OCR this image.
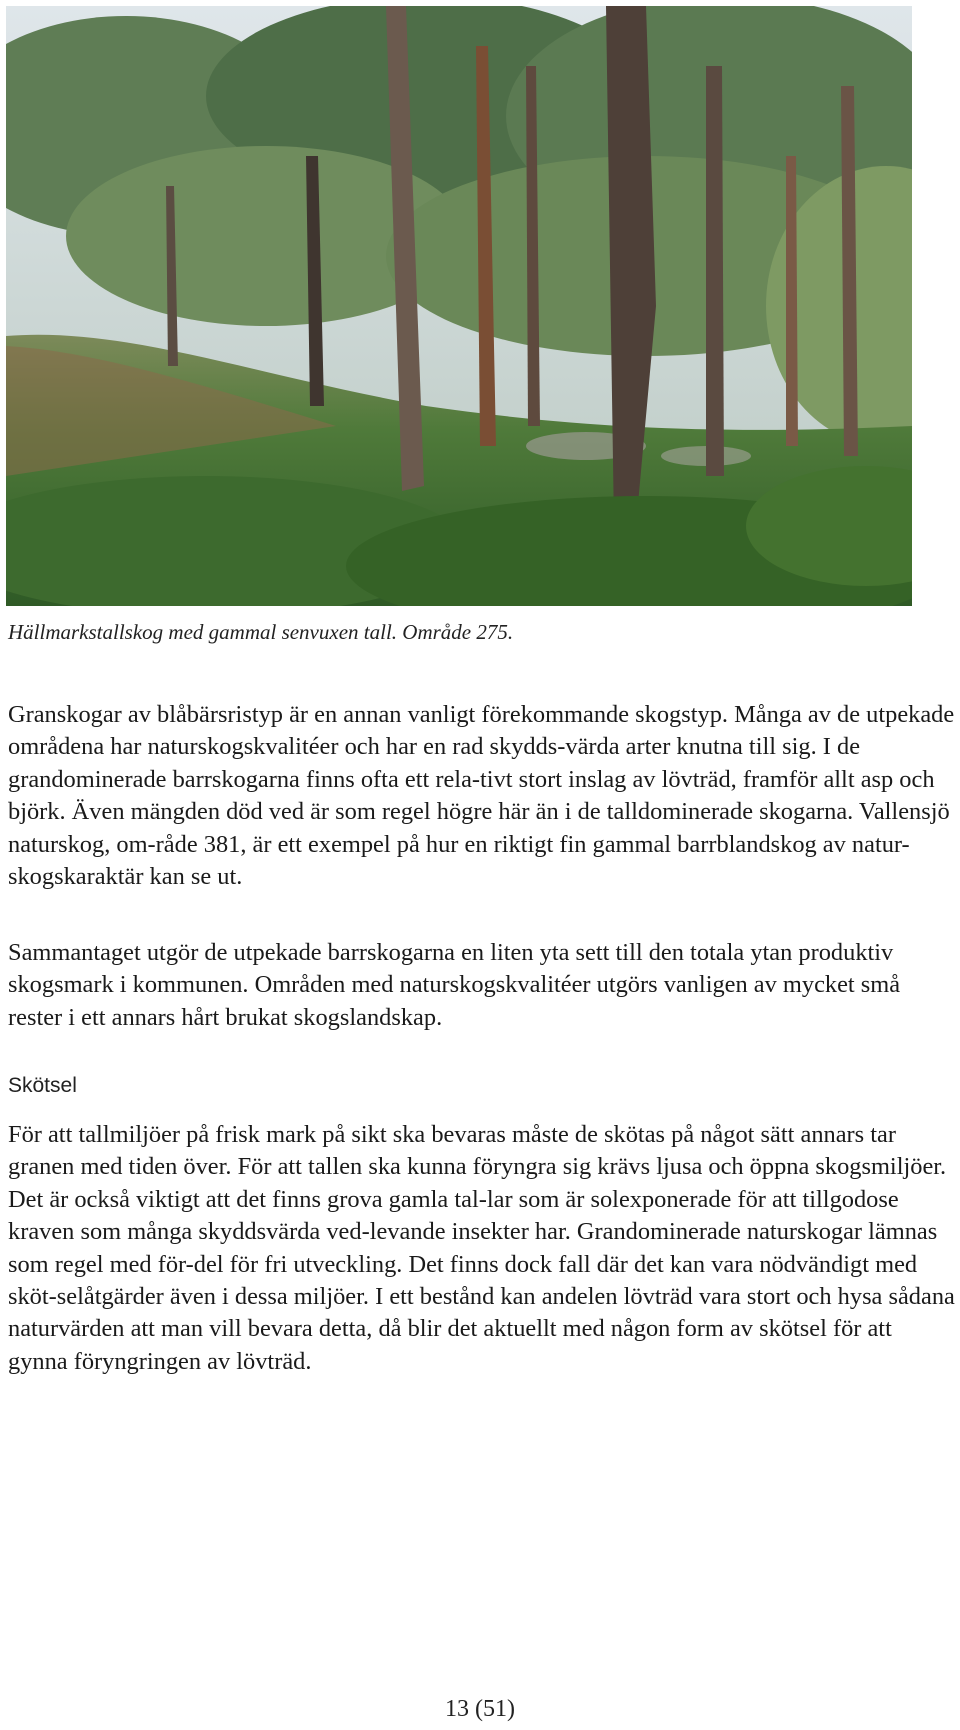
Hällmarkstallskog med gammal senvuxen tall. Område 275.

Granskogar av blåbärsristyp är en annan vanligt förekommande skogstyp. Många av de utpekade områdena har naturskogskvalitéer och har en rad skydds-värda arter knutna till sig. I de grandominerade barrskogarna finns ofta ett rela-tivt stort inslag av lövträd, framför allt asp och björk. Även mängden död ved är som regel högre här än i de talldominerade skogarna. Vallensjö naturskog, om-råde 381, är ett exempel på hur en riktigt fin gammal barrblandskog av natur-skogskaraktär kan se ut.

Sammantaget utgör de utpekade barrskogarna en liten yta sett till den totala ytan produktiv skogsmark i kommunen. Områden med naturskogskvalitéer utgörs vanligen av mycket små rester i ett annars hårt brukat skogslandskap.

Skötsel

För att tallmiljöer på frisk mark på sikt ska bevaras måste de skötas på något sätt annars tar granen med tiden över. För att tallen ska kunna föryngra sig krävs ljusa och öppna skogsmiljöer. Det är också viktigt att det finns grova gamla tal-lar som är solexponerade för att tillgodose kraven som många skyddsvärda ved-levande insekter har. Grandominerade naturskogar lämnas som regel med för-del för fri utveckling. Det finns dock fall där det kan vara nödvändigt med sköt-selåtgärder även i dessa miljöer. I ett bestånd kan andelen lövträd vara stort och hysa sådana naturvärden att man vill bevara detta, då blir det aktuellt med någon form av skötsel för att gynna föryngringen av lövträd.

13 (51)
